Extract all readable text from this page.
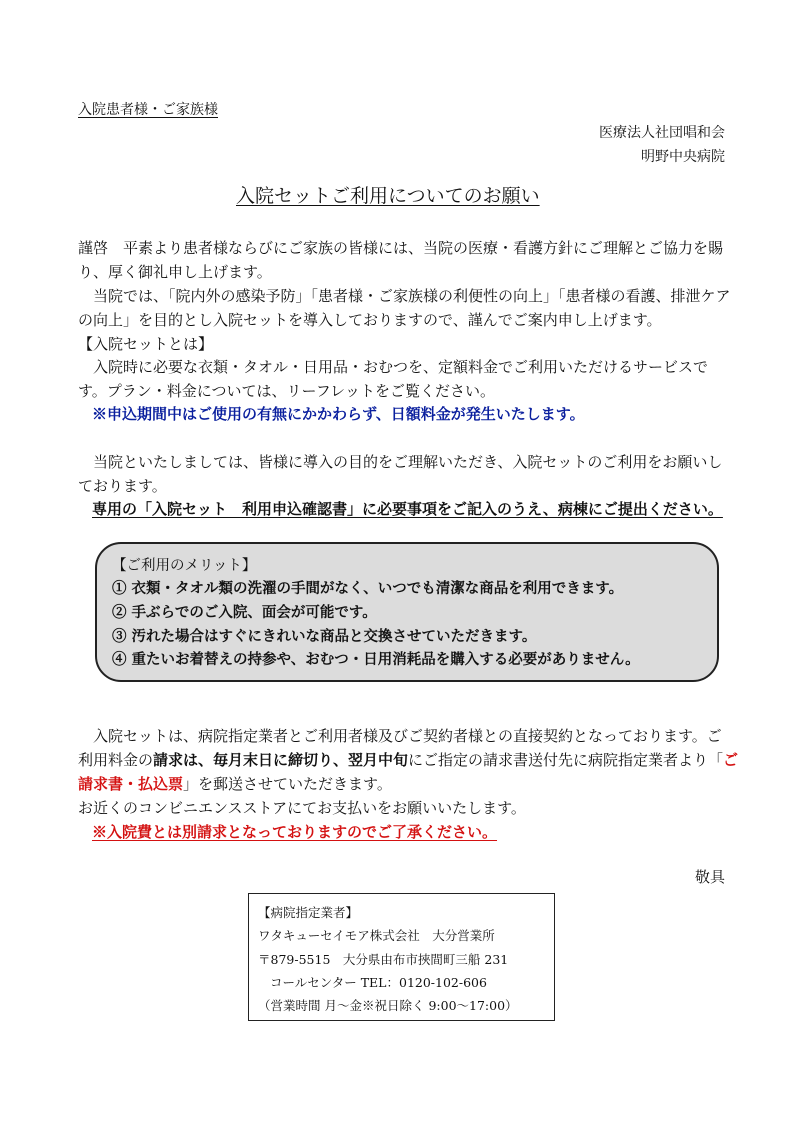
入院患者様・ご家族様
医療法人社団唱和会
明野中央病院
入院セットご利用についてのお願い
謹啓　平素より患者様ならびにご家族の皆様には、当院の医療・看護方針にご理解とご協力を賜
り、厚く御礼申し上げます。
　当院では、「院内外の感染予防」「患者様・ご家族様の利便性の向上」「患者様の看護、排泄ケア
の向上」を目的とし入院セットを導入しておりますので、謹んでご案内申し上げます。
【入院セットとは】
　入院時に必要な衣類・タオル・日用品・おむつを、定額料金でご利用いただけるサービスで
す。プラン・料金については、リーフレットをご覧ください。
※申込期間中はご使用の有無にかかわらず、日額料金が発生いたします。
　当院といたしましては、皆様に導入の目的をご理解いただき、入院セットのご利用をお願いし
ております。
専用の「入院セット　利用申込確認書」に必要事項をご記入のうえ、病棟にご提出ください。
【ご利用のメリット】
① 衣類・タオル類の洗濯の手間がなく、いつでも清潔な商品を利用できます。
② 手ぶらでのご入院、面会が可能です。
③ 汚れた場合はすぐにきれいな商品と交換させていただきます。
④ 重たいお着替えの持参や、おむつ・日用消耗品を購入する必要がありません。
　入院セットは、病院指定業者とご利用者様及びご契約者様との直接契約となっております。ご
利用料金の請求は、毎月末日に締切り、翌月中旬にご指定の請求書送付先に病院指定業者より「ご
請求書・払込票」を郵送させていただきます。
お近くのコンビニエンスストアにてお支払いをお願いいたします。
※入院費とは別請求となっておりますのでご了承ください。
敬具
【病院指定業者】
ワタキューセイモア株式会社　大分営業所
〒879-5515　大分県由布市挾間町三船 231
コールセンター TEL：0120-102-606
（営業時間 月～金※祝日除く 9:00～17:00）
